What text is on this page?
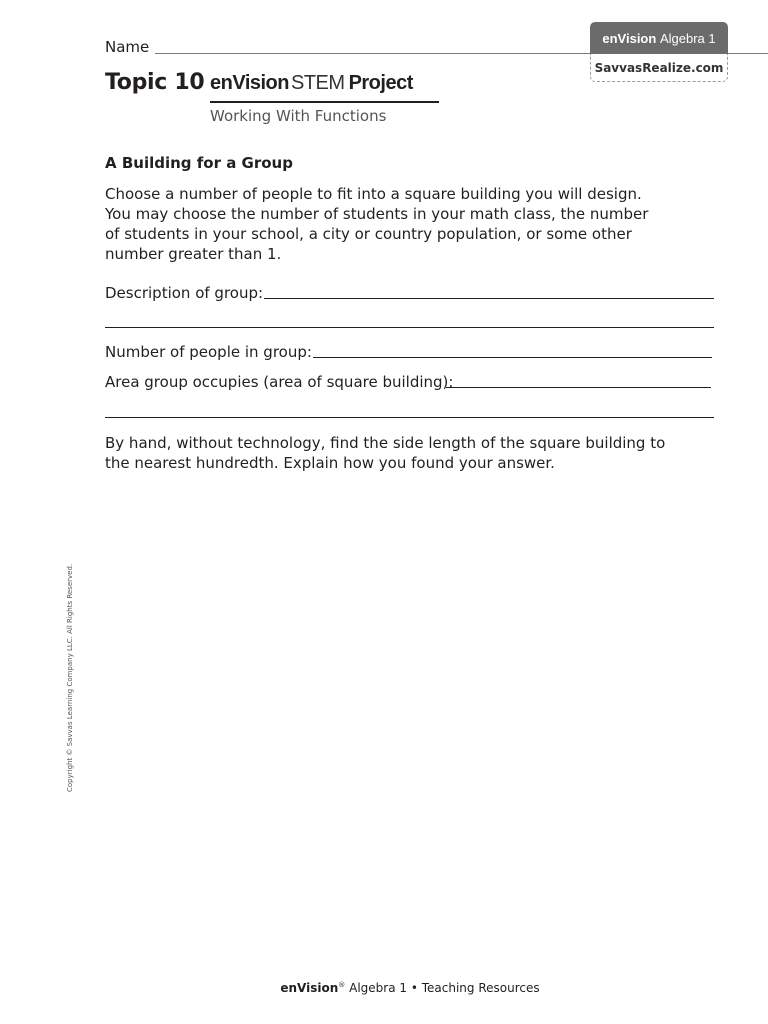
Name	enVision
Algebra 1
SavvasRealize.com
Topic 10 enVision STEM Project
Working With Functions
A Building for a Group

Choose a number of people to fit into a square building you will design.

You may choose the number of students in your math class, the number

of students in your school, a city or country population, or some other

number greater than 1.

Description of group:
Number of people in group:
Area group occupies (area of square building):

By hand, without technology, find the side length of the square building to

the nearest hundredth. Explain how you found your answer.

Copyright © Savvas Learning Company LLC. All Rights Reserved.
enVision® Algebra 1 • Teaching Resources
